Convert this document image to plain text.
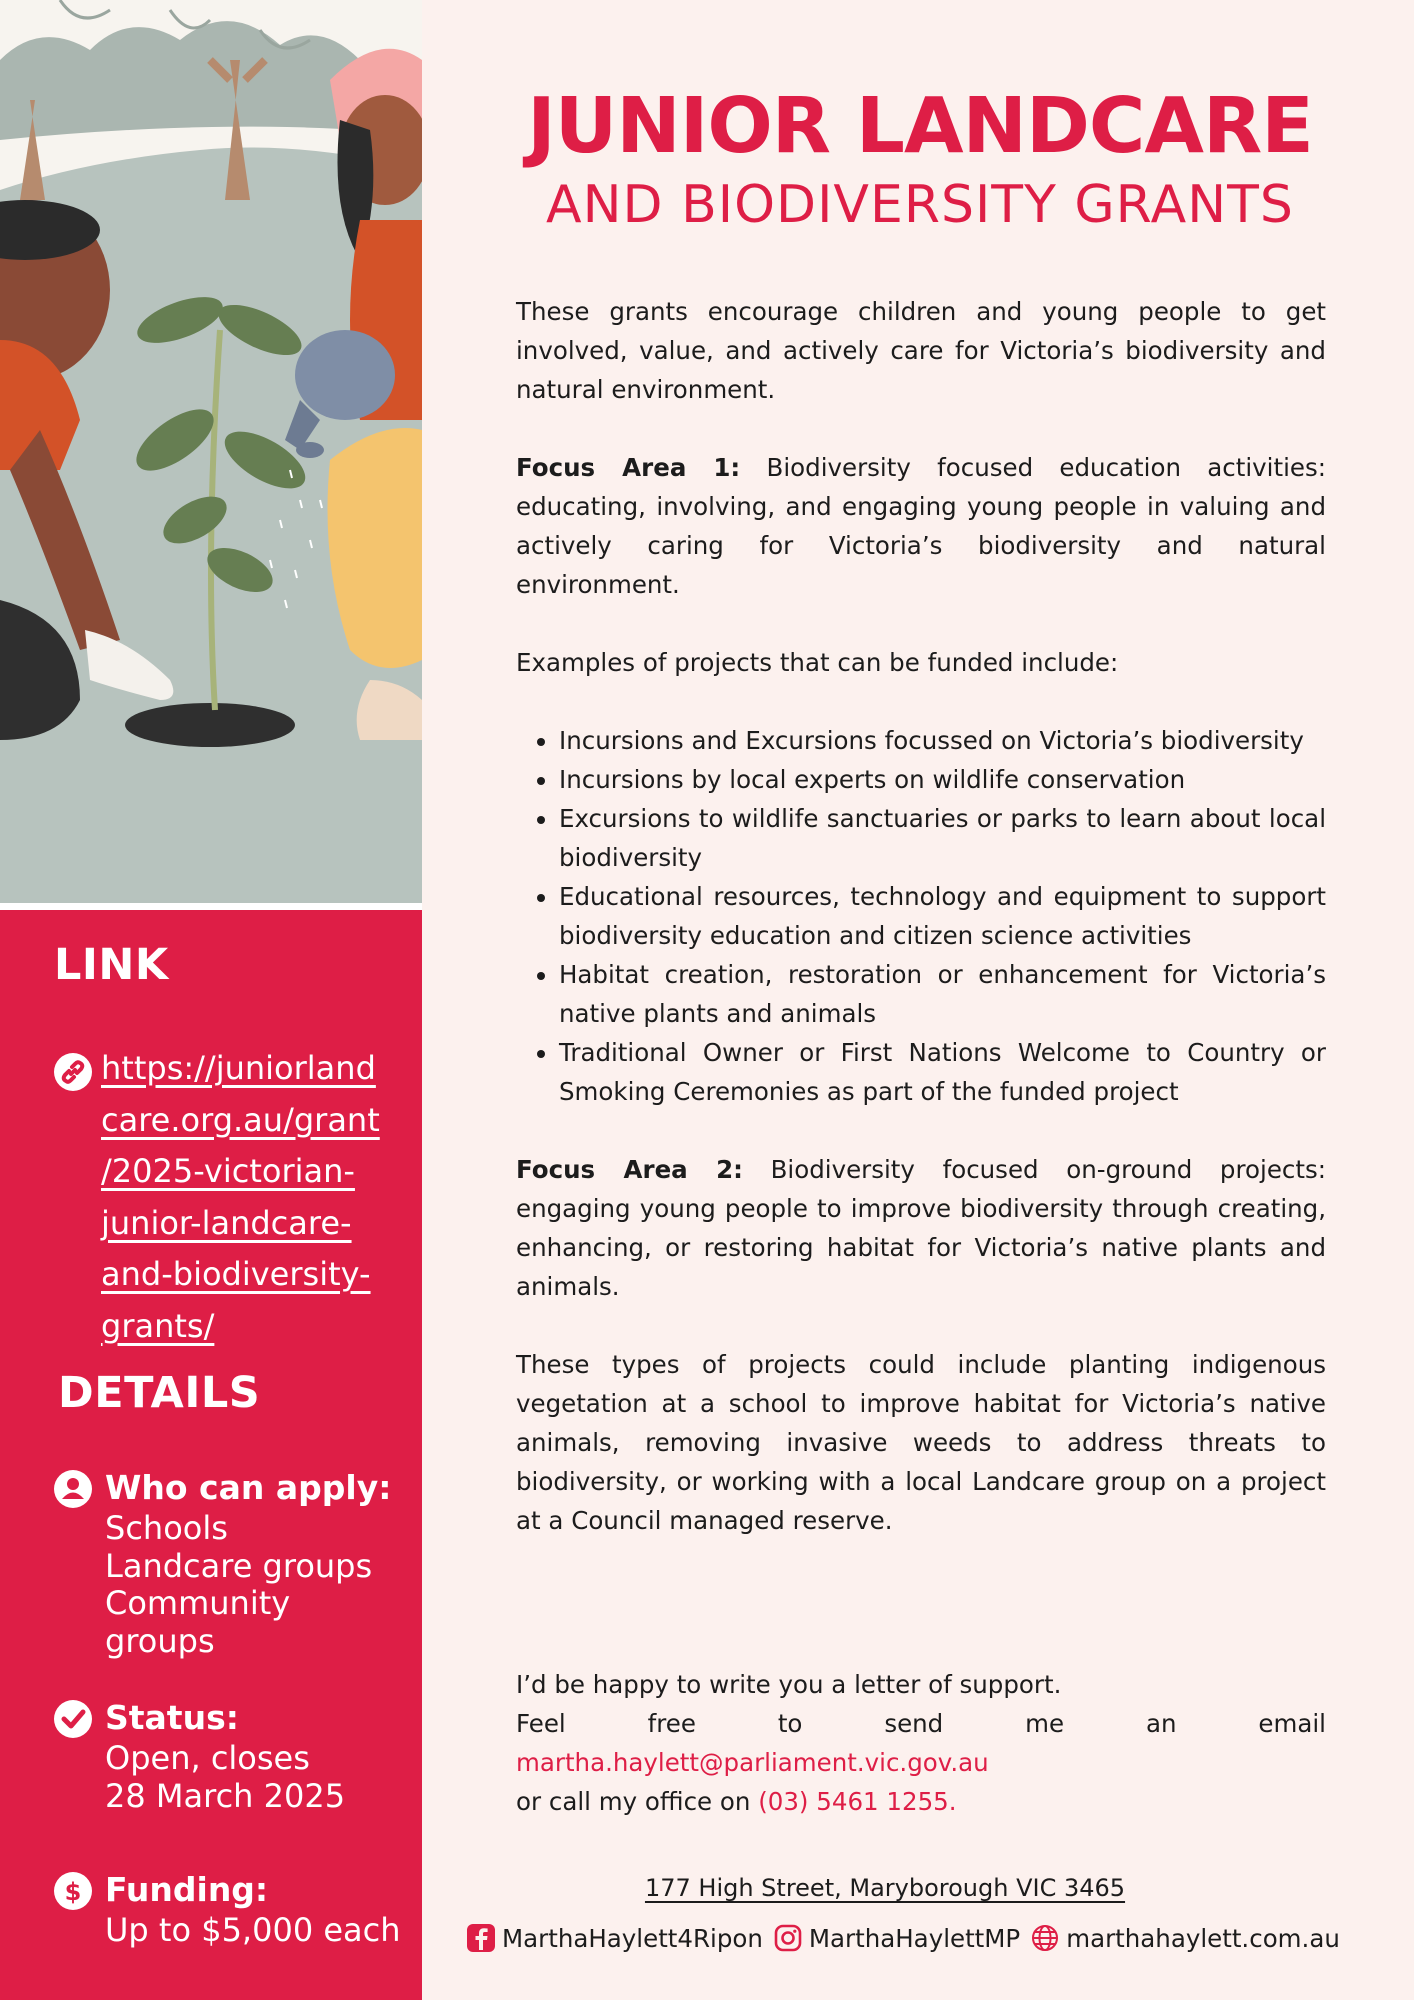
LINK
https://juniorland
care.org.au/grant
/2025-victorian-
junior-landcare-
and-biodiversity-
grants/
DETAILS
Who can apply:
Schools
Landcare groups
Community
groups
Status:
Open, closes
28 March 2025
$ Funding:
Up to $5,000 each
JUNIOR LANDCARE
AND BIODIVERSITY GRANTS

These grants encourage children and young people to get involved, value, and actively care for Victoria’s biodiversity and natural environment.

Focus Area 1: Biodiversity focused education activities: educating, involving, and engaging young people in valuing and actively caring for Victoria’s biodiversity and natural environment.

Examples of projects that can be funded include:

• Incursions and Excursions focussed on Victoria’s biodiversity
• Incursions by local experts on wildlife conservation
• Excursions to wildlife sanctuaries or parks to learn about local biodiversity
• Educational resources, technology and equipment to support biodiversity education and citizen science activities
• Habitat creation, restoration or enhancement for Victoria’s native plants and animals
• Traditional Owner or First Nations Welcome to Country or Smoking Ceremonies as part of the funded project

Focus Area 2: Biodiversity focused on-ground projects: engaging young people to improve biodiversity through creating, enhancing, or restoring habitat for Victoria’s native plants and animals.

These types of projects could include planting indigenous vegetation at a school to improve habitat for Victoria’s native animals, removing invasive weeds to address threats to biodiversity, or working with a local Landcare group on a project at a Council managed reserve.

I’d be happy to write you a letter of support.

Feel	free	to	send	me	an	email

martha.haylett@parliament.vic.gov.au

or call my office on (03) 5461 1255.

177 High Street, Maryborough VIC 3465
MarthaHaylett4Ripon MarthaHaylettMP marthahaylett.com.au
